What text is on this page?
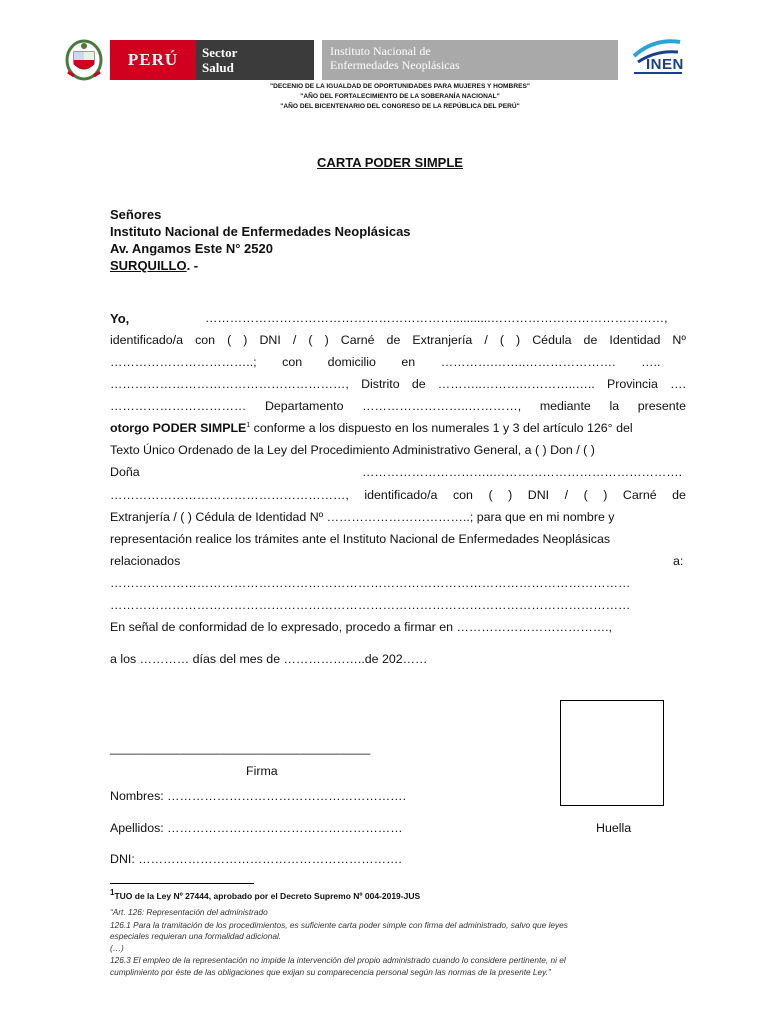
PERÚ	Sector
Salud
Instituto Nacional de
Enfermedades Neoplásicas	INEN
"DECENIO DE LA IGUALDAD DE OPORTUNIDADES PARA MUJERES Y HOMBRES"
"AÑO DEL FORTALECIMIENTO DE LA SOBERANÍA NACIONAL"
"AÑO DEL BICENTENARIO DEL CONGRESO DE LA REPÚBLICA DEL PERÚ"
CARTA PODER SIMPLE
Señores
Instituto Nacional de Enfermedades Neoplásicas
Av. Angamos Este N° 2520
SURQUILLO. -
Yo,	……………………………………………………...........……………………………………,
identificado/a con ( ) DNI / ( ) Carné de Extranjería / ( ) Cédula de Identidad Nº
……………………………..; con domicilio en ………….……..…………………. …..
…………………………………………………, Distrito de ………..…………………..….. Provincia ….
…………………………… Departamento ……………………..…………, mediante la presente
otorgo PODER SIMPLE$^1$ conforme a los dispuesto en los numerales 1 y 3 del artículo 126° del
Texto Único Ordenado de la Ley del Procedimiento Administrativo General, a ( ) Don / ( )
Doña	…………………………..……………………………………….
…………………………………………………, identificado/a con ( ) DNI / ( ) Carné de
Extranjería / ( ) Cédula de Identidad Nº ……………………………..; para que en mi nombre y
representación realice los trámites ante el Instituto Nacional de Enfermedades Neoplásicas
relacionados	a:
………………………………………………………………………………………………………………
………………………………………………………………………………………………………………
En señal de conformidad de lo expresado, procedo a firmar en ……………………………….,
a los ………… días del mes de ………………..de 202……
_______________________________________
Firma
Nombres: ………………………………………………….
Apellidos: …………………………………………………	Huella
DNI: ……………………………………………………….
$^1$TUO de la Ley Nº 27444, aprobado por el Decreto Supremo Nº 004-2019-JUS
“Art. 126: Representación del administrado
126.1 Para la tramitación de los procedimientos, es suficiente carta poder simple con firma del administrado, salvo que leyes
especiales requieran una formalidad adicional.
(…)
126.3 El empleo de la representación no impide la intervención del propio administrado cuando lo considere pertinente, ni el
cumplimiento por éste de las obligaciones que exijan su comparecencia personal según las normas de la presente Ley.”
